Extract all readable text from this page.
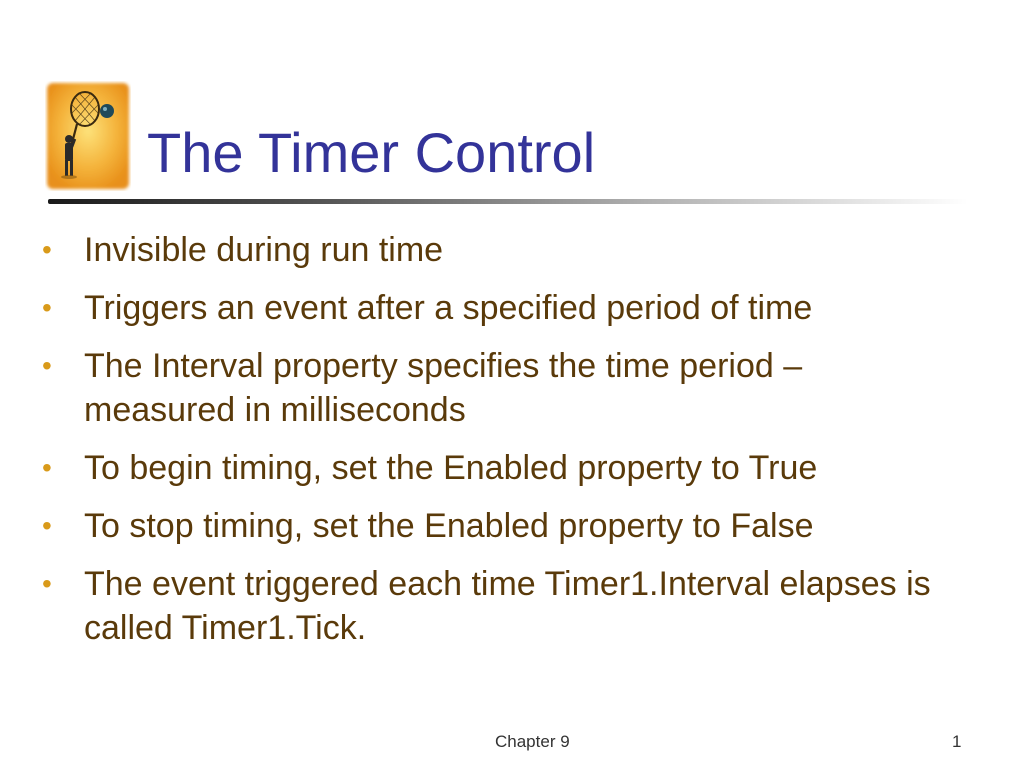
The Timer Control
• Invisible during run time
• Triggers an event after a specified period of time
• The Interval property specifies the time period – measured in milliseconds
• To begin timing, set the Enabled property to True
• To stop timing, set the Enabled property to False
• The event triggered each time Timer1.Interval elapses is called Timer1.Tick.
Chapter 9	1
